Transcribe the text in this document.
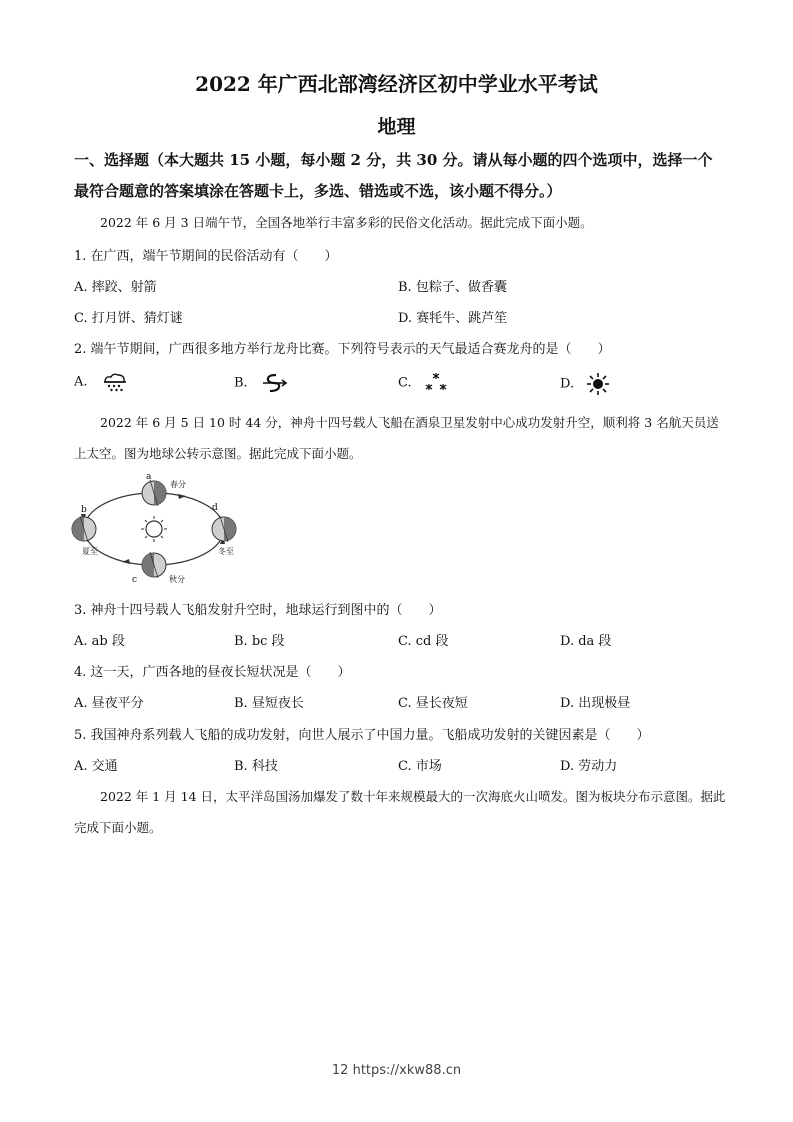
2022 年广西北部湾经济区初中学业水平考试
地理
一、选择题（本大题共 15 小题，每小题 2 分，共 30 分。请从每小题的四个选项中，选择一个最符合题意的答案填涂在答题卡上，多选、错选或不选，该小题不得分。）
2022 年 6 月 3 日端午节，全国各地举行丰富多彩的民俗文化活动。据此完成下面小题。
1. 在广西，端午节期间的民俗活动有（　　）
A. 摔跤、射箭	B. 包粽子、做香囊
C. 打月饼、猜灯谜	D. 赛牦牛、跳芦笙
2. 端午节期间，广西很多地方举行龙舟比赛。下列符号表示的天气最适合赛龙舟的是（　　）
A.	B.	C.	D.
2022 年 6 月 5 日 10 时 44 分，神舟十四号载人飞船在酒泉卫星发射中心成功发射升空，顺利将 3 名航天员送上太空。图为地球公转示意图。据此完成下面小题。
a
春分
b
夏至
c	秋分
d
冬至
3. 神舟十四号载人飞船发射升空时，地球运行到图中的（　　）
A. ab 段	B. bc 段	C. cd 段	D. da 段
4. 这一天，广西各地的昼夜长短状况是（　　）
A. 昼夜平分	B. 昼短夜长	C. 昼长夜短	D. 出现极昼
5. 我国神舟系列载人飞船的成功发射，向世人展示了中国力量。飞船成功发射的关键因素是（　　）
A. 交通	B. 科技	C. 市场	D. 劳动力
2022 年 1 月 14 日，太平洋岛国汤加爆发了数十年来规模最大的一次海底火山喷发。图为板块分布示意图。据此完成下面小题。
12 https://xkw88.cn
